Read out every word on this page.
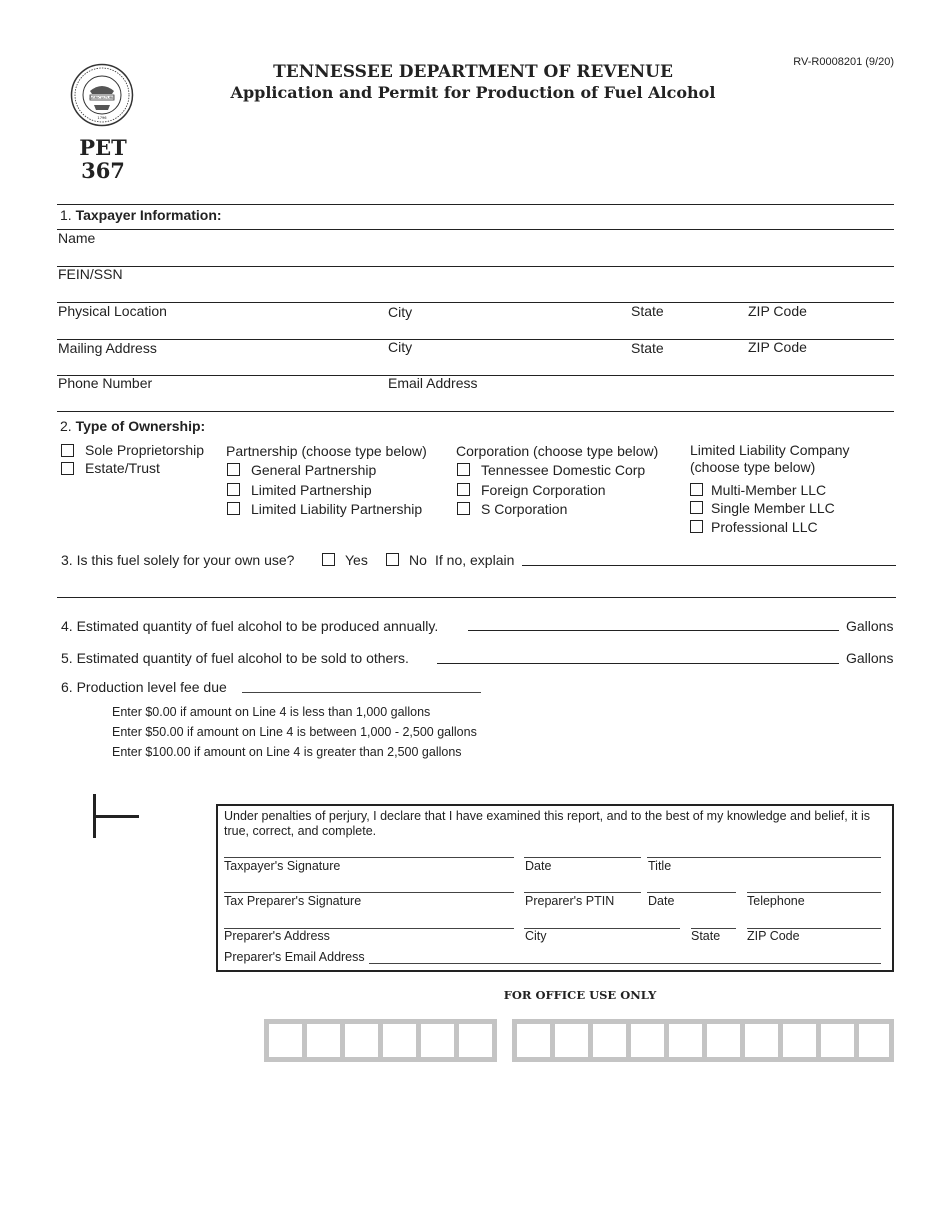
AGRICULTURE
1796
PET
367
TENNESSEE DEPARTMENT OF REVENUE
Application and Permit for Production of Fuel Alcohol
RV-R0008201 (9/20)
1. Taxpayer Information:
Name
FEIN/SSN
Physical Location	City	State	ZIP Code
Mailing Address	City	State	ZIP Code
Phone Number	Email Address
2. Type of Ownership:
Sole Proprietorship
Estate/Trust
Partnership (choose type below)
General Partnership
Limited Partnership
Limited Liability Partnership
Corporation (choose type below)
Tennessee Domestic Corp
Foreign Corporation
S Corporation
Limited Liability Company
(choose type below)
Multi-Member LLC
Single Member LLC
Professional LLC
3. Is this fuel solely for your own use?	Yes	No If no, explain
4. Estimated quantity of fuel alcohol to be produced annually.	Gallons
5. Estimated quantity of fuel alcohol to be sold to others.	Gallons
6. Production level fee due
Enter $0.00 if amount on Line 4 is less than 1,000 gallons
Enter $50.00 if amount on Line 4 is between 1,000 - 2,500 gallons
Enter $100.00 if amount on Line 4 is greater than 2,500 gallons
Under penalties of perjury, I declare that I have examined this report, and to the best of my knowledge and belief, it is true, correct, and complete.
Taxpayer's Signature	Date	Title
Tax Preparer's Signature	Preparer's PTIN	Date	Telephone
Preparer's Address	City	State ZIP Code
Preparer's Email Address
FOR OFFICE USE ONLY
